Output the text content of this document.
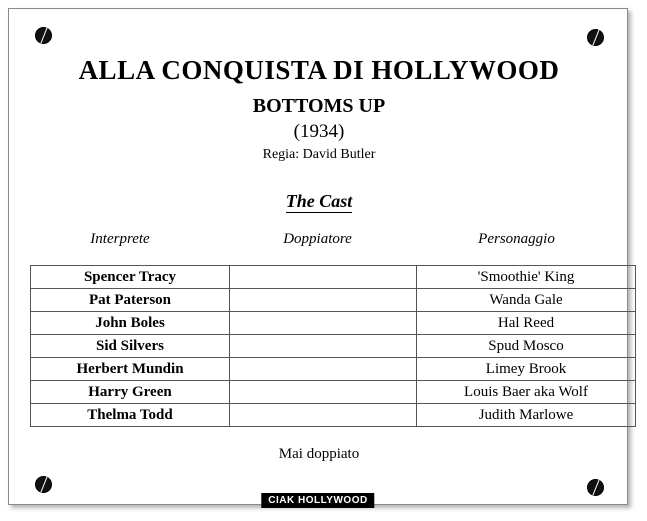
ALLA CONQUISTA DI HOLLYWOOD
BOTTOMS UP
(1934)
Regia: David Butler
The Cast
Interprete	Doppiatore	Personaggio
Spencer Tracy		'Smoothie' King
Pat Paterson		Wanda Gale
John Boles		Hal Reed
Sid Silvers		Spud Mosco
Herbert Mundin		Limey Brook
Harry Green		Louis Baer aka Wolf
Thelma Todd		Judith Marlowe
Mai doppiato
CIAK HOLLYWOOD
